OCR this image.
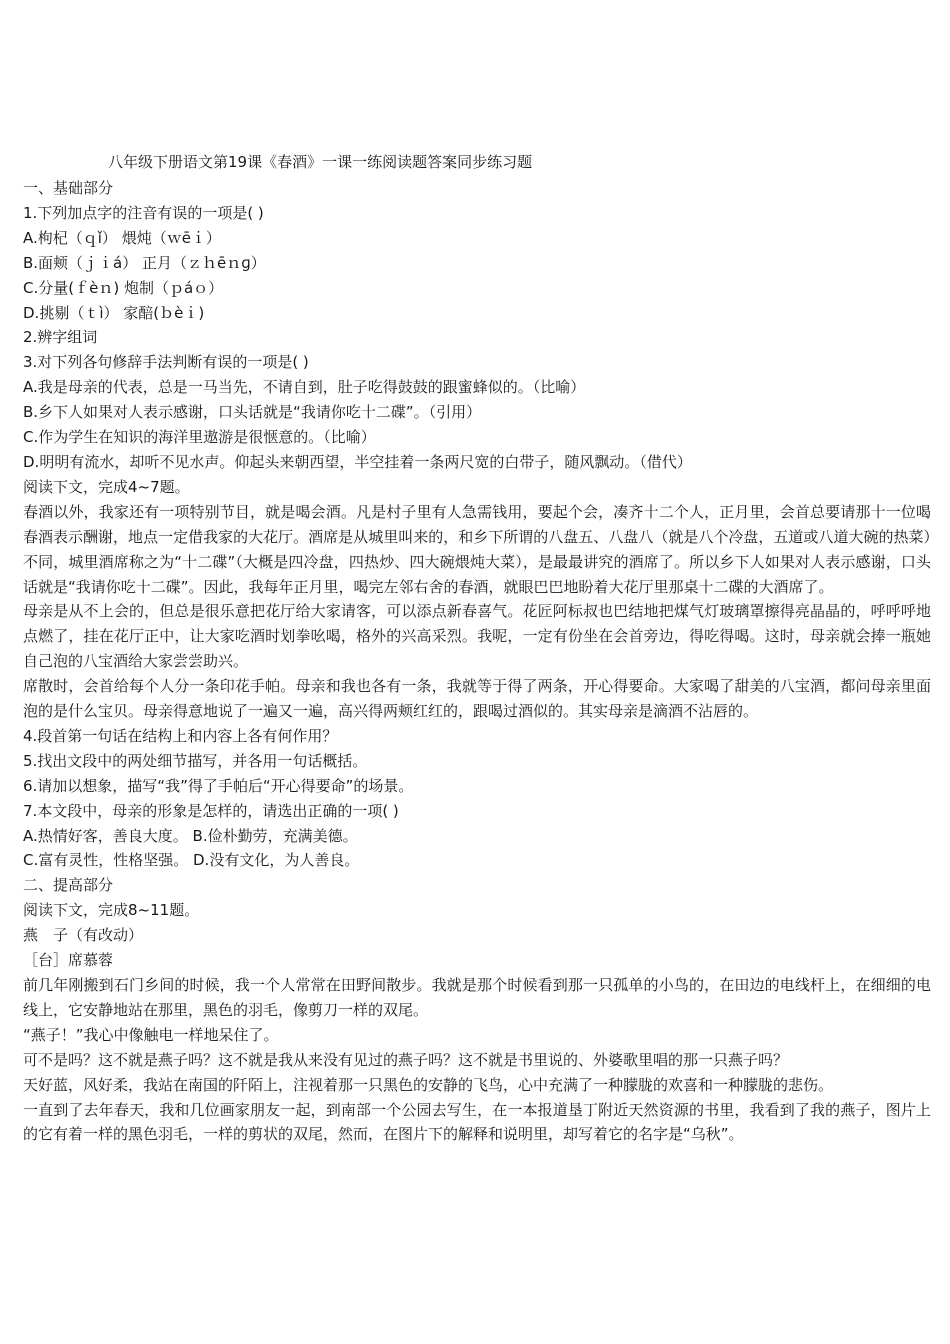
八年级下册语文第19课《春酒》一课一练阅读题答案同步练习题
一、基础部分
1.下列加点字的注音有误的一项是( )
A.枸杞（ｑǐ） 煨炖（ｗēｉ）
B.面颊（ｊｉá） 正月（ｚｈēｎɡ）
C.分量(ｆèｎ) 炮制（ｐáｏ）
D.挑剔（ｔì） 家醅(ｂèｉ)
2.辨字组词
3.对下列各句修辞手法判断有误的一项是( )
A.我是母亲的代表，总是一马当先，不请自到，肚子吃得鼓鼓的跟蜜蜂似的。（比喻）
B.乡下人如果对人表示感谢，口头话就是“我请你吃十二碟”。（引用）
C.作为学生在知识的海洋里遨游是很惬意的。（比喻）
D.明明有流水，却听不见水声。仰起头来朝西望，半空挂着一条两尺宽的白带子，随风飘动。（借代）
阅读下文，完成4~7题。
春酒以外，我家还有一项特别节目，就是喝会酒。凡是村子里有人急需钱用，要起个会，凑齐十二个人，正月里，会首总要请那十一位喝春酒表示酬谢，地点一定借我家的大花厅。酒席是从城里叫来的，和乡下所谓的八盘五、八盘八（就是八个冷盘，五道或八道大碗的热菜）不同，城里酒席称之为“十二碟”（大概是四冷盘，四热炒、四大碗煨炖大菜），是最最讲究的酒席了。所以乡下人如果对人表示感谢，口头话就是“我请你吃十二碟”。因此，我每年正月里，喝完左邻右舍的春酒，就眼巴巴地盼着大花厅里那桌十二碟的大酒席了。
母亲是从不上会的，但总是很乐意把花厅给大家请客，可以添点新春喜气。花匠阿标叔也巴结地把煤气灯玻璃罩擦得亮晶晶的，呼呼呼地点燃了，挂在花厅正中，让大家吃酒时划拳吆喝，格外的兴高采烈。我呢，一定有份坐在会首旁边，得吃得喝。这时，母亲就会捧一瓶她自己泡的八宝酒给大家尝尝助兴。
席散时，会首给每个人分一条印花手帕。母亲和我也各有一条，我就等于得了两条，开心得要命。大家喝了甜美的八宝酒，都问母亲里面泡的是什么宝贝。母亲得意地说了一遍又一遍，高兴得两颊红红的，跟喝过酒似的。其实母亲是滴酒不沾唇的。
4.段首第一句话在结构上和内容上各有何作用？
5.找出文段中的两处细节描写，并各用一句话概括。
6.请加以想象，描写“我”得了手帕后“开心得要命”的场景。
7.本文段中，母亲的形象是怎样的，请选出正确的一项( )
A.热情好客，善良大度。 B.俭朴勤劳，充满美德。
C.富有灵性，性格坚强。 D.没有文化，为人善良。
二、提高部分
阅读下文，完成8~11题。
燕　子（有改动）
［台］席慕蓉
前几年刚搬到石门乡间的时候，我一个人常常在田野间散步。我就是那个时候看到那一只孤单的小鸟的，在田边的电线杆上，在细细的电线上，它安静地站在那里，黑色的羽毛，像剪刀一样的双尾。
“燕子！”我心中像触电一样地呆住了。
可不是吗？这不就是燕子吗？这不就是我从来没有见过的燕子吗？这不就是书里说的、外婆歌里唱的那一只燕子吗？
天好蓝，风好柔，我站在南国的阡陌上，注视着那一只黑色的安静的飞鸟，心中充满了一种朦胧的欢喜和一种朦胧的悲伤。
一直到了去年春天，我和几位画家朋友一起，到南部一个公园去写生，在一本报道垦丁附近天然资源的书里，我看到了我的燕子，图片上的它有着一样的黑色羽毛，一样的剪状的双尾，然而，在图片下的解释和说明里，却写着它的名字是“乌秋”。
